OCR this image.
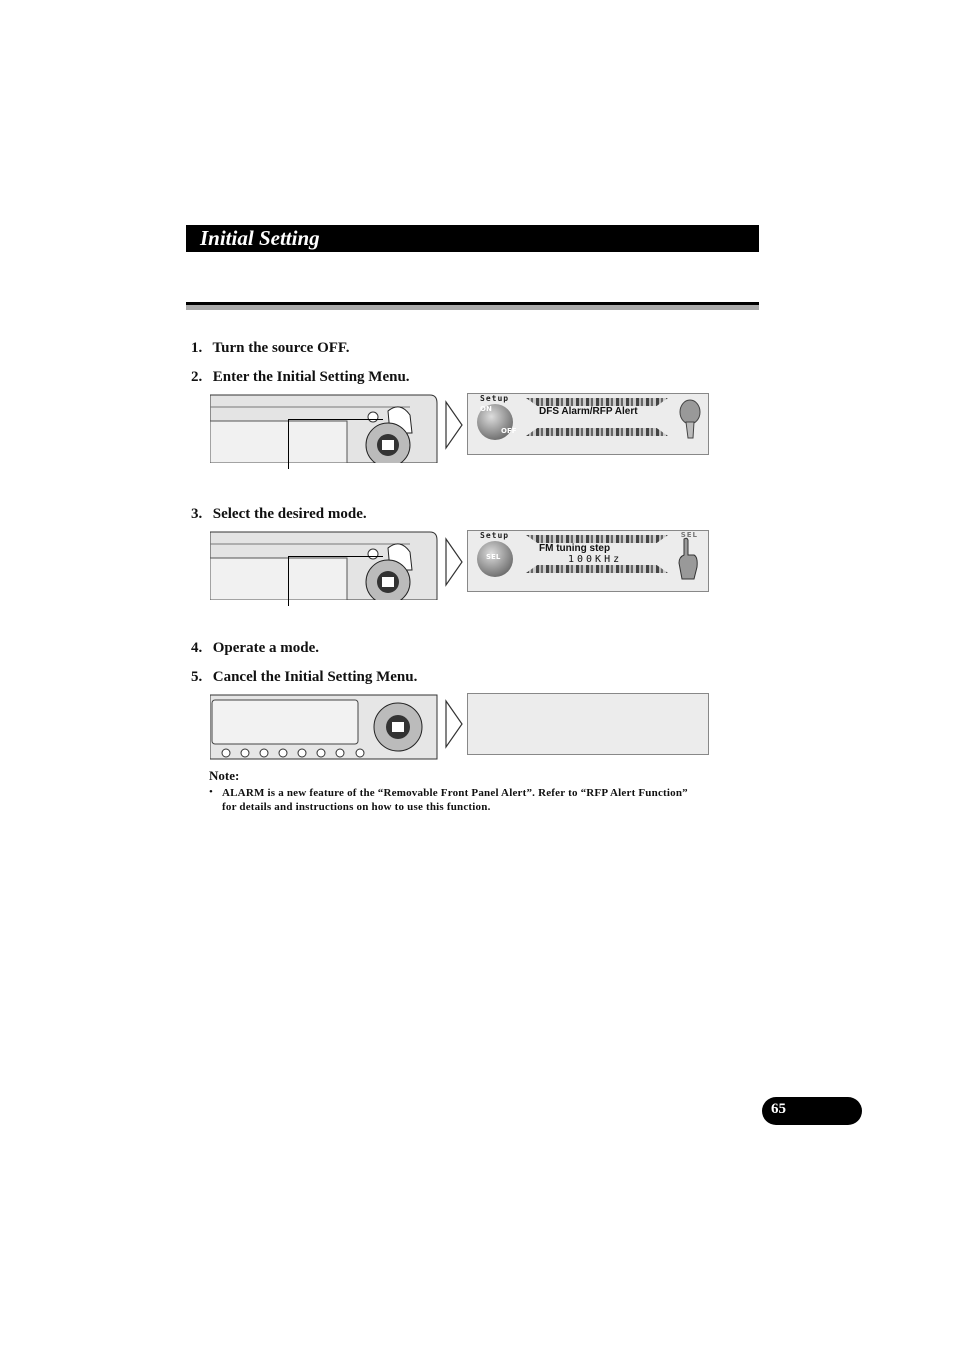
Initial Setting
1. Turn the source OFF.
2. Enter the Initial Setting Menu.
Setup
ON
OFF
DFS Alarm/RFP Alert
3. Select the desired mode.
Setup
SEL
FM tuning step
100KHz
SEL
4. Operate a mode.
5. Cancel the Initial Setting Menu.
Note:
• ALARM is a new feature of the “Removable Front Panel Alert”. Refer to “RFP Alert Function”
for details and instructions on how to use this function.
65
